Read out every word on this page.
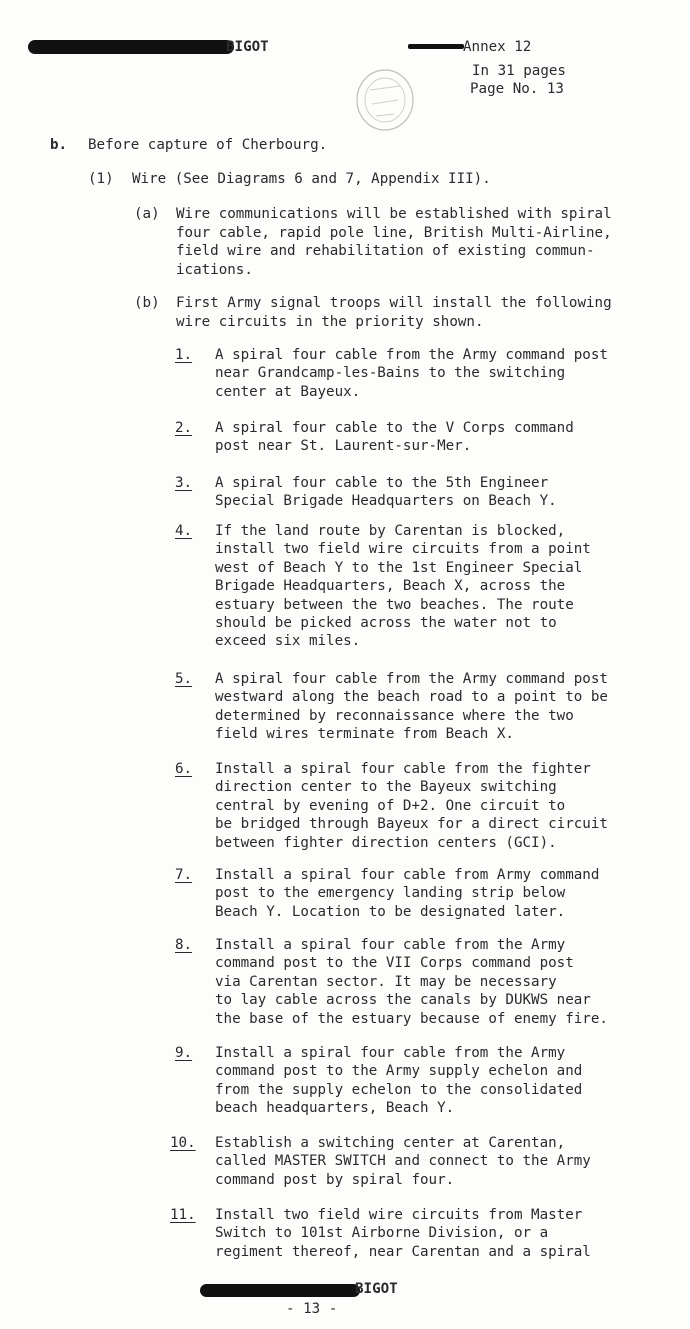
BIGOT	Annex 12
In 31 pages
Page No. 13
b. Before capture of Cherbourg.
(1) Wire (See Diagrams 6 and 7, Appendix III).
(a) Wire communications will be established with spiral
four cable, rapid pole line, British Multi-Airline,
field wire and rehabilitation of existing commun-
ications.
(b) First Army signal troops will install the following
wire circuits in the priority shown.
1. A spiral four cable from the Army command post
near Grandcamp-les-Bains to the switching
center at Bayeux.
2. A spiral four cable to the V Corps command
post near St. Laurent-sur-Mer.
3. A spiral four cable to the 5th Engineer
Special Brigade Headquarters on Beach Y.
4. If the land route by Carentan is blocked,
install two field wire circuits from a point
west of Beach Y to the 1st Engineer Special
Brigade Headquarters, Beach X, across the
estuary between the two beaches. The route
should be picked across the water not to
exceed six miles.
5. A spiral four cable from the Army command post
westward along the beach road to a point to be
determined by reconnaissance where the two
field wires terminate from Beach X.
6. Install a spiral four cable from the fighter
direction center to the Bayeux switching
central by evening of D+2. One circuit to
be bridged through Bayeux for a direct circuit
between fighter direction centers (GCI).
7. Install a spiral four cable from Army command
post to the emergency landing strip below
Beach Y. Location to be designated later.
8. Install a spiral four cable from the Army
command post to the VII Corps command post
via Carentan sector. It may be necessary
to lay cable across the canals by DUKWS near
the base of the estuary because of enemy fire.
9. Install a spiral four cable from the Army
command post to the Army supply echelon and
from the supply echelon to the consolidated
beach headquarters, Beach Y.
10. Establish a switching center at Carentan,
called MASTER SWITCH and connect to the Army
command post by spiral four.
11. Install two field wire circuits from Master
Switch to 101st Airborne Division, or a
regiment thereof, near Carentan and a spiral
BIGOT
- 13 -
